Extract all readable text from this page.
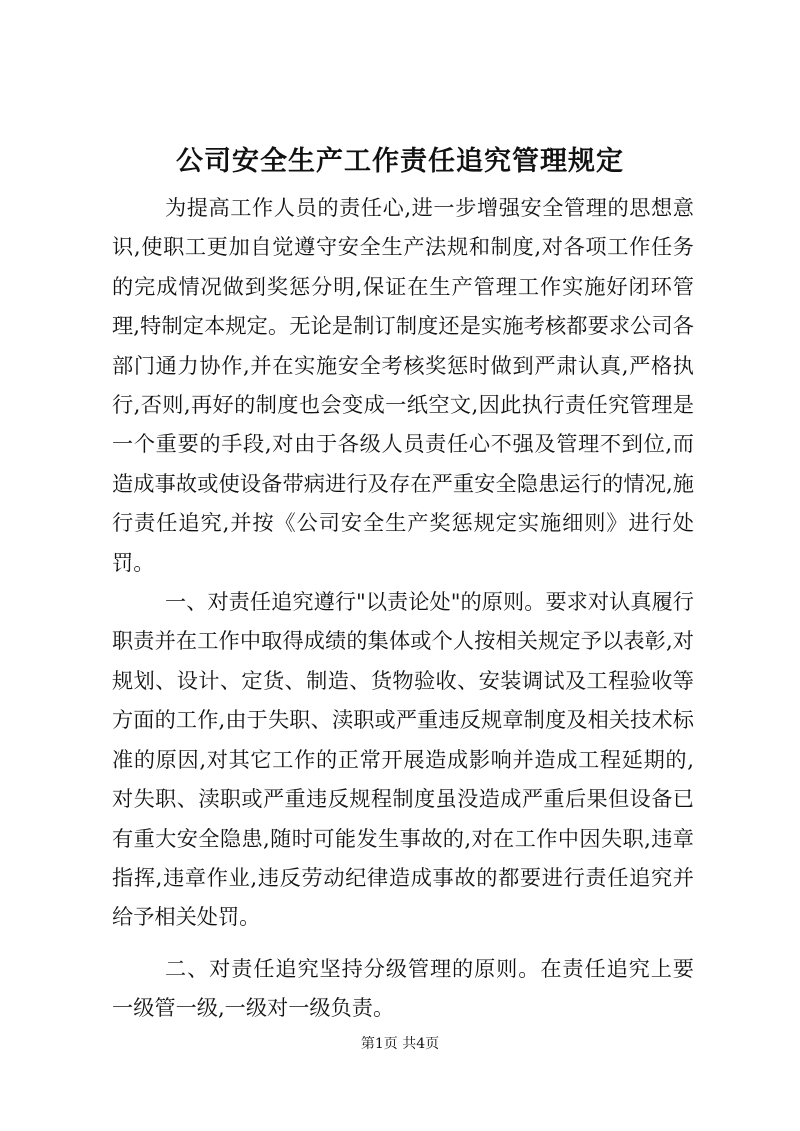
公司安全生产工作责任追究管理规定

为提高工作人员的责任心,进一步增强安全管理的思想意识,使职工更加自觉遵守安全生产法规和制度,对各项工作任务的完成情况做到奖惩分明,保证在生产管理工作实施好闭环管理,特制定本规定。无论是制订制度还是实施考核都要求公司各部门通力协作,并在实施安全考核奖惩时做到严肃认真,严格执行,否则,再好的制度也会变成一纸空文,因此执行责任究管理是一个重要的手段,对由于各级人员责任心不强及管理不到位,而造成事故或使设备带病进行及存在严重安全隐患运行的情况,施行责任追究,并按《公司安全生产奖惩规定实施细则》进行处罚。

一、对责任追究遵行"以责论处"的原则。要求对认真履行职责并在工作中取得成绩的集体或个人按相关规定予以表彰,对规划、设计、定货、制造、货物验收、安装调试及工程验收等方面的工作,由于失职、渎职或严重违反规章制度及相关技术标准的原因,对其它工作的正常开展造成影响并造成工程延期的,对失职、渎职或严重违反规程制度虽没造成严重后果但设备已有重大安全隐患,随时可能发生事故的,对在工作中因失职,违章指挥,违章作业,违反劳动纪律造成事故的都要进行责任追究并给予相关处罚。

二、对责任追究坚持分级管理的原则。在责任追究上要一级管一级,一级对一级负责。

第1页 共4页
